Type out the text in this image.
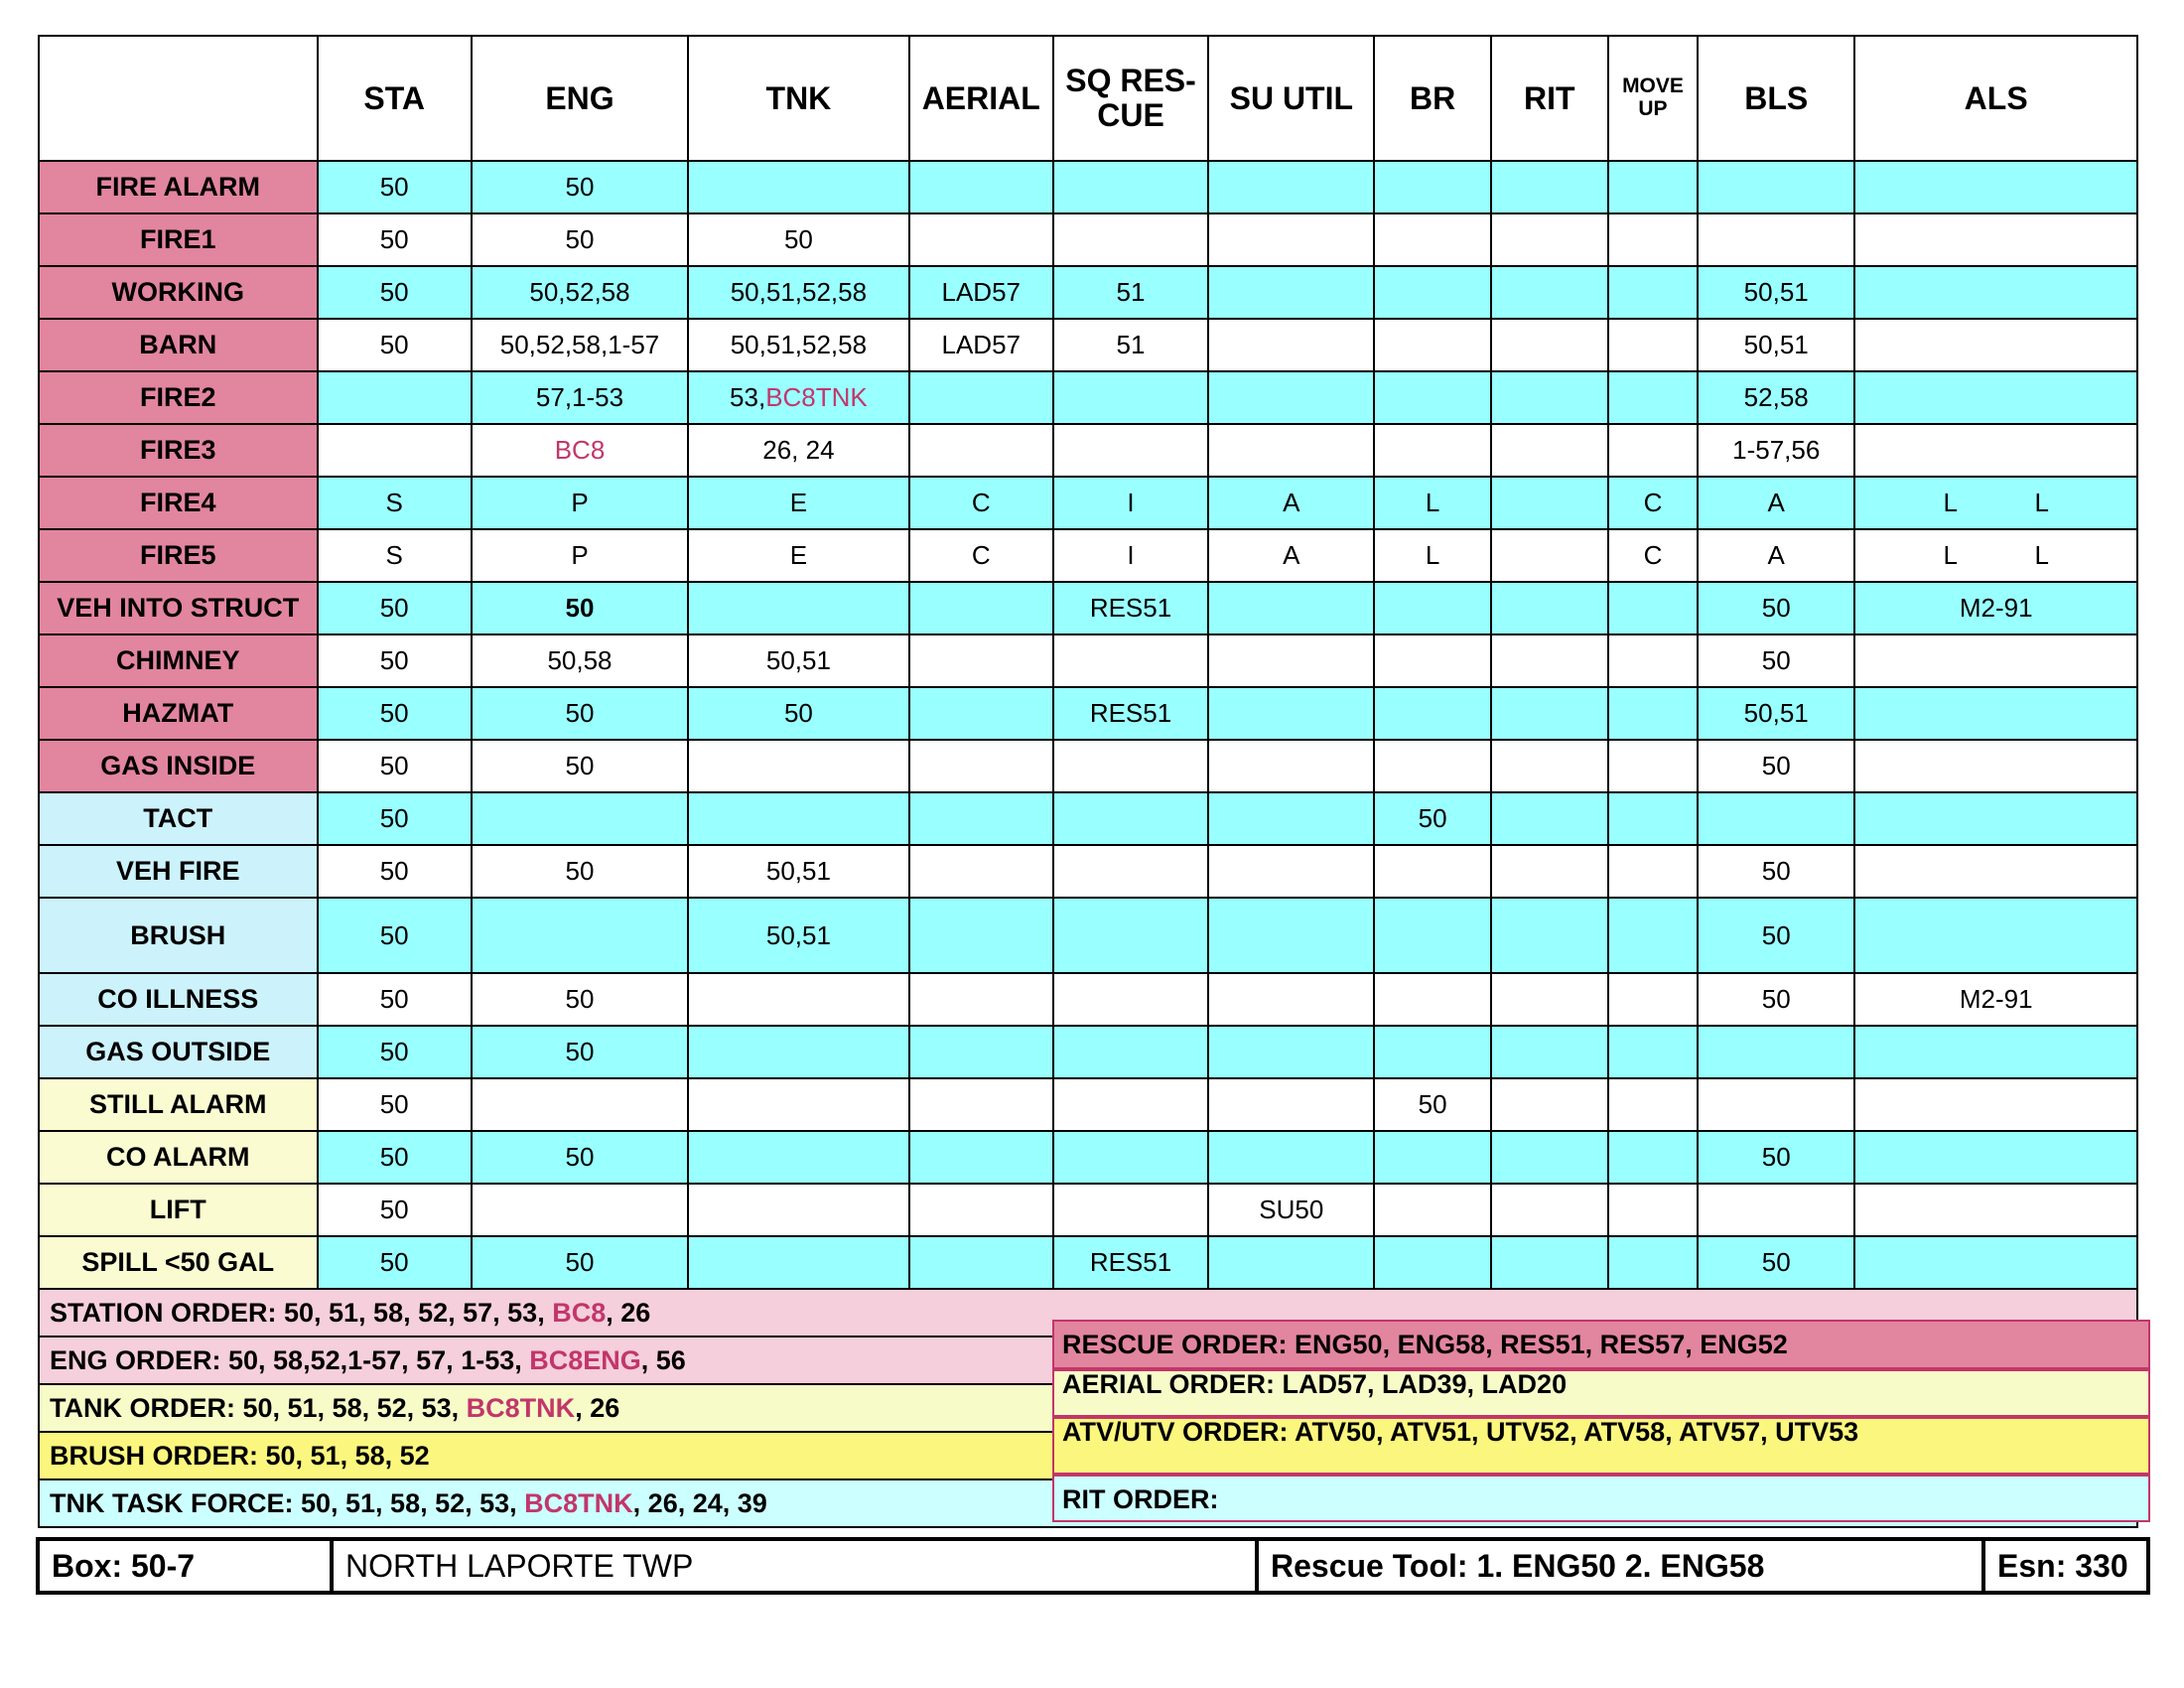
	STA	ENG	TNK	AERIAL	SQ RES-CUE	SU UTIL	BR	RIT	MOVE UP	BLS	ALS
FIRE ALARM	50	50									
FIRE1	50	50	50								
WORKING	50	50,52,58	50,51,52,58	LAD57	51					50,51	
BARN	50	50,52,58,1-57	50,51,52,58	LAD57	51					50,51	
FIRE2		57,1-53	53,BC8TNK							52,58	
FIRE3		BC8	26, 24							1-57,56	
FIRE4	S	P	E	C	I	A	L		C	A	L L
FIRE5	S	P	E	C	I	A	L		C	A	L L
VEH INTO STRUCT	50	50			RES51					50	M2-91
CHIMNEY	50	50,58	50,51							50	
HAZMAT	50	50	50		RES51					50,51	
GAS INSIDE	50	50								50	
TACT	50						50				
VEH FIRE	50	50	50,51							50	
BRUSH	50		50,51							50	
CO ILLNESS	50	50								50	M2-91
GAS OUTSIDE	50	50									
STILL ALARM	50						50				
CO ALARM	50	50								50	
LIFT	50					SU50					
SPILL <50 GAL	50	50			RES51					50	
STATION ORDER: 50, 51, 58, 52, 57, 53, BC8, 26
ENG ORDER: 50, 58,52,1-57, 57, 1-53, BC8ENG, 56
TANK ORDER: 50, 51, 58, 52, 53, BC8TNK, 26
BRUSH ORDER: 50, 51, 58, 52
TNK TASK FORCE: 50, 51, 58, 52, 53, BC8TNK, 26, 24, 39
RESCUE ORDER: ENG50, ENG58, RES51, RES57, ENG52
AERIAL ORDER: LAD57, LAD39, LAD20
ATV/UTV ORDER: ATV50, ATV51, UTV52, ATV58, ATV57, UTV53
RIT ORDER:
Box: 50-7	NORTH LAPORTE TWP	Rescue Tool: 1. ENG50 2. ENG58	Esn: 330
